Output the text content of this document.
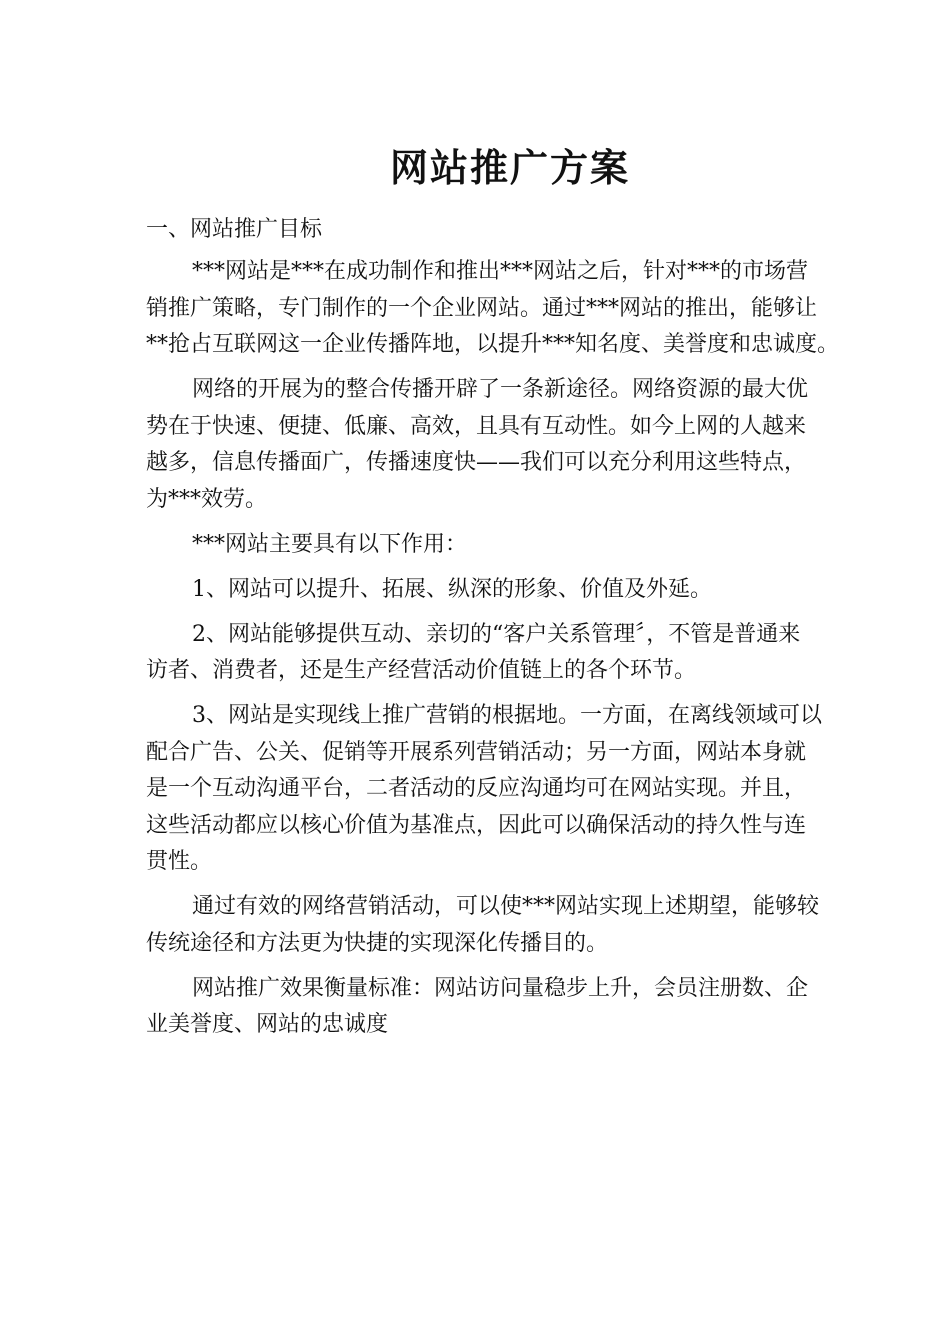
网站推广方案
一、网站推广目标

***网站是***在成功制作和推出***网站之后，针对***的市场营
销推广策略，专门制作的一个企业网站。通过***网站的推出，能够让
**抢占互联网这一企业传播阵地，以提升***知名度、美誉度和忠诚度。

网络的开展为的整合传播开辟了一条新途径。网络资源的最大优
势在于快速、便捷、低廉、高效，且具有互动性。如今上网的人越来
越多，信息传播面广，传播速度快——我们可以充分利用这些特点，
为***效劳。

***网站主要具有以下作用：

1、网站可以提升、拓展、纵深的形象、价值及外延。

2、网站能够提供互动、亲切的“客户关系管理〞，不管是普通来
访者、消费者，还是生产经营活动价值链上的各个环节。

3、网站是实现线上推广营销的根据地。一方面，在离线领域可以
配合广告、公关、促销等开展系列营销活动；另一方面，网站本身就
是一个互动沟通平台，二者活动的反应沟通均可在网站实现。并且，
这些活动都应以核心价值为基准点，因此可以确保活动的持久性与连
贯性。

通过有效的网络营销活动，可以使***网站实现上述期望，能够较
传统途径和方法更为快捷的实现深化传播目的。

网站推广效果衡量标准：网站访问量稳步上升，会员注册数、企
业美誉度、网站的忠诚度
